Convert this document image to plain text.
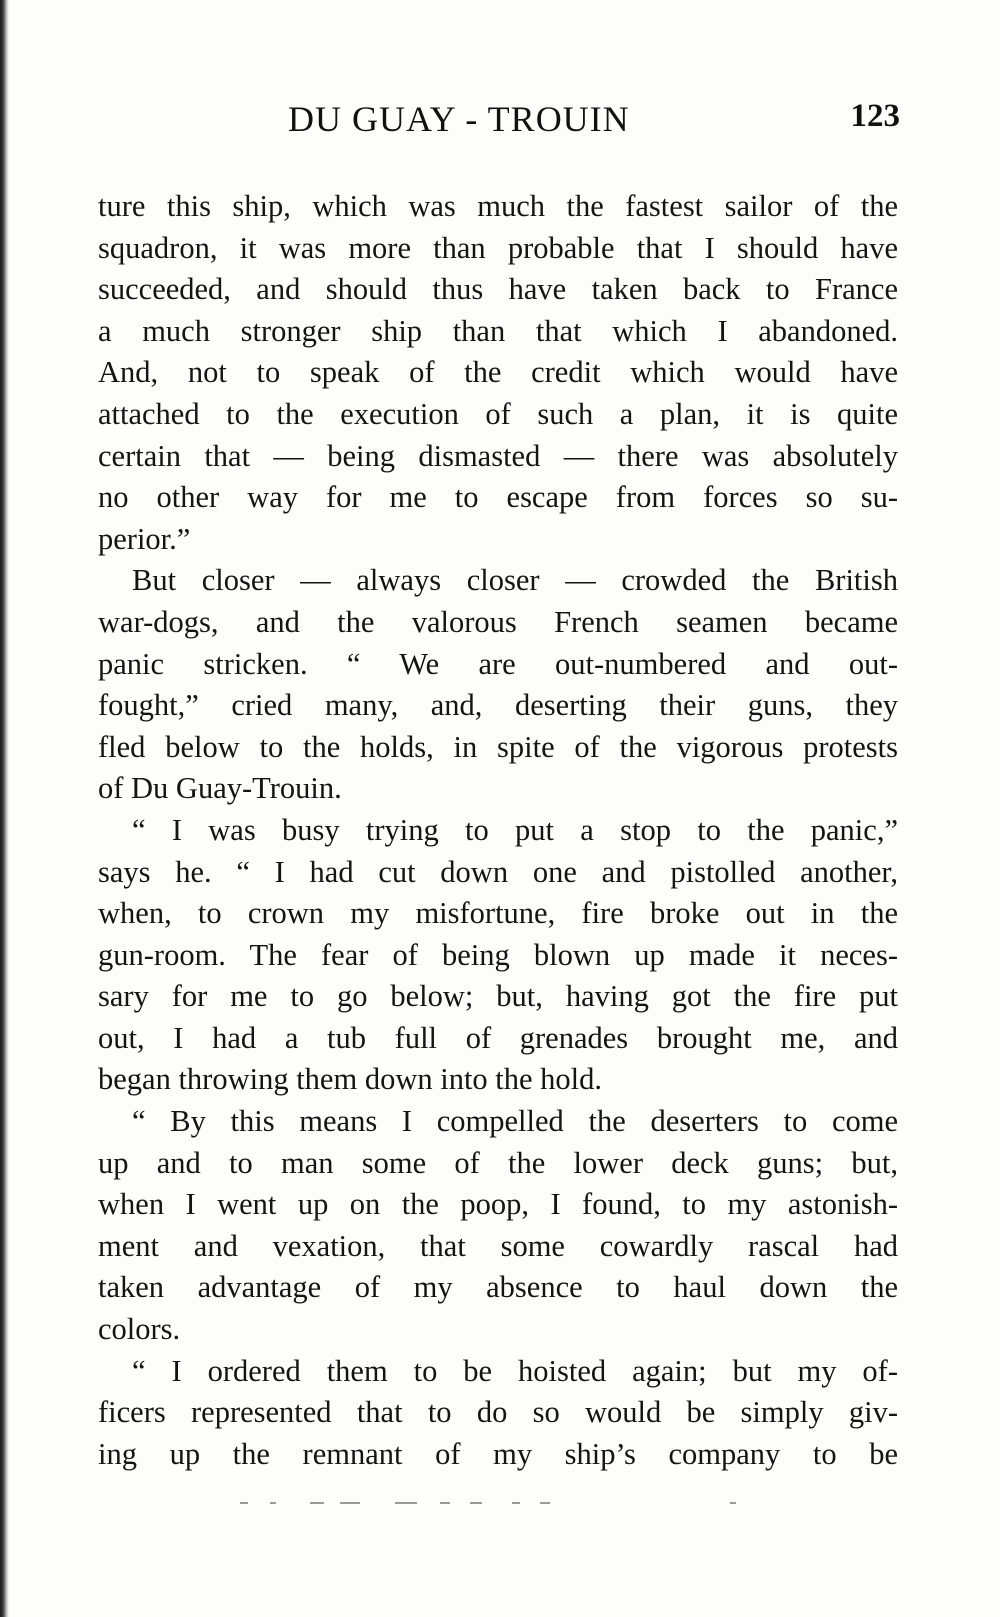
DU GUAY - TROUIN	123
ture this ship, which was much the fastest sailor of the
squadron, it was more than probable that I should have
succeeded, and should thus have taken back to France
a much stronger ship than that which I abandoned.
And, not to speak of the credit which would have
attached to the execution of such a plan, it is quite
certain that — being dismasted — there was absolutely
no other way for me to escape from forces so su-
perior.”
But closer — always closer — crowded the British
war-dogs, and the valorous French seamen became
panic stricken. “ We are out-numbered and out-
fought,” cried many, and, deserting their guns, they
fled below to the holds, in spite of the vigorous protests
of Du Guay-Trouin.
“ I was busy trying to put a stop to the panic,”
says he. “ I had cut down one and pistolled another,
when, to crown my misfortune, fire broke out in the
gun-room. The fear of being blown up made it neces-
sary for me to go below; but, having got the fire put
out, I had a tub full of grenades brought me, and
began throwing them down into the hold.
“ By this means I compelled the deserters to come
up and to man some of the lower deck guns; but,
when I went up on the poop, I found, to my astonish-
ment and vexation, that some cowardly rascal had
taken advantage of my absence to haul down the
colors.
“ I ordered them to be hoisted again; but my of-
ficers represented that to do so would be simply giv-
ing up the remnant of my ship’s company to be
